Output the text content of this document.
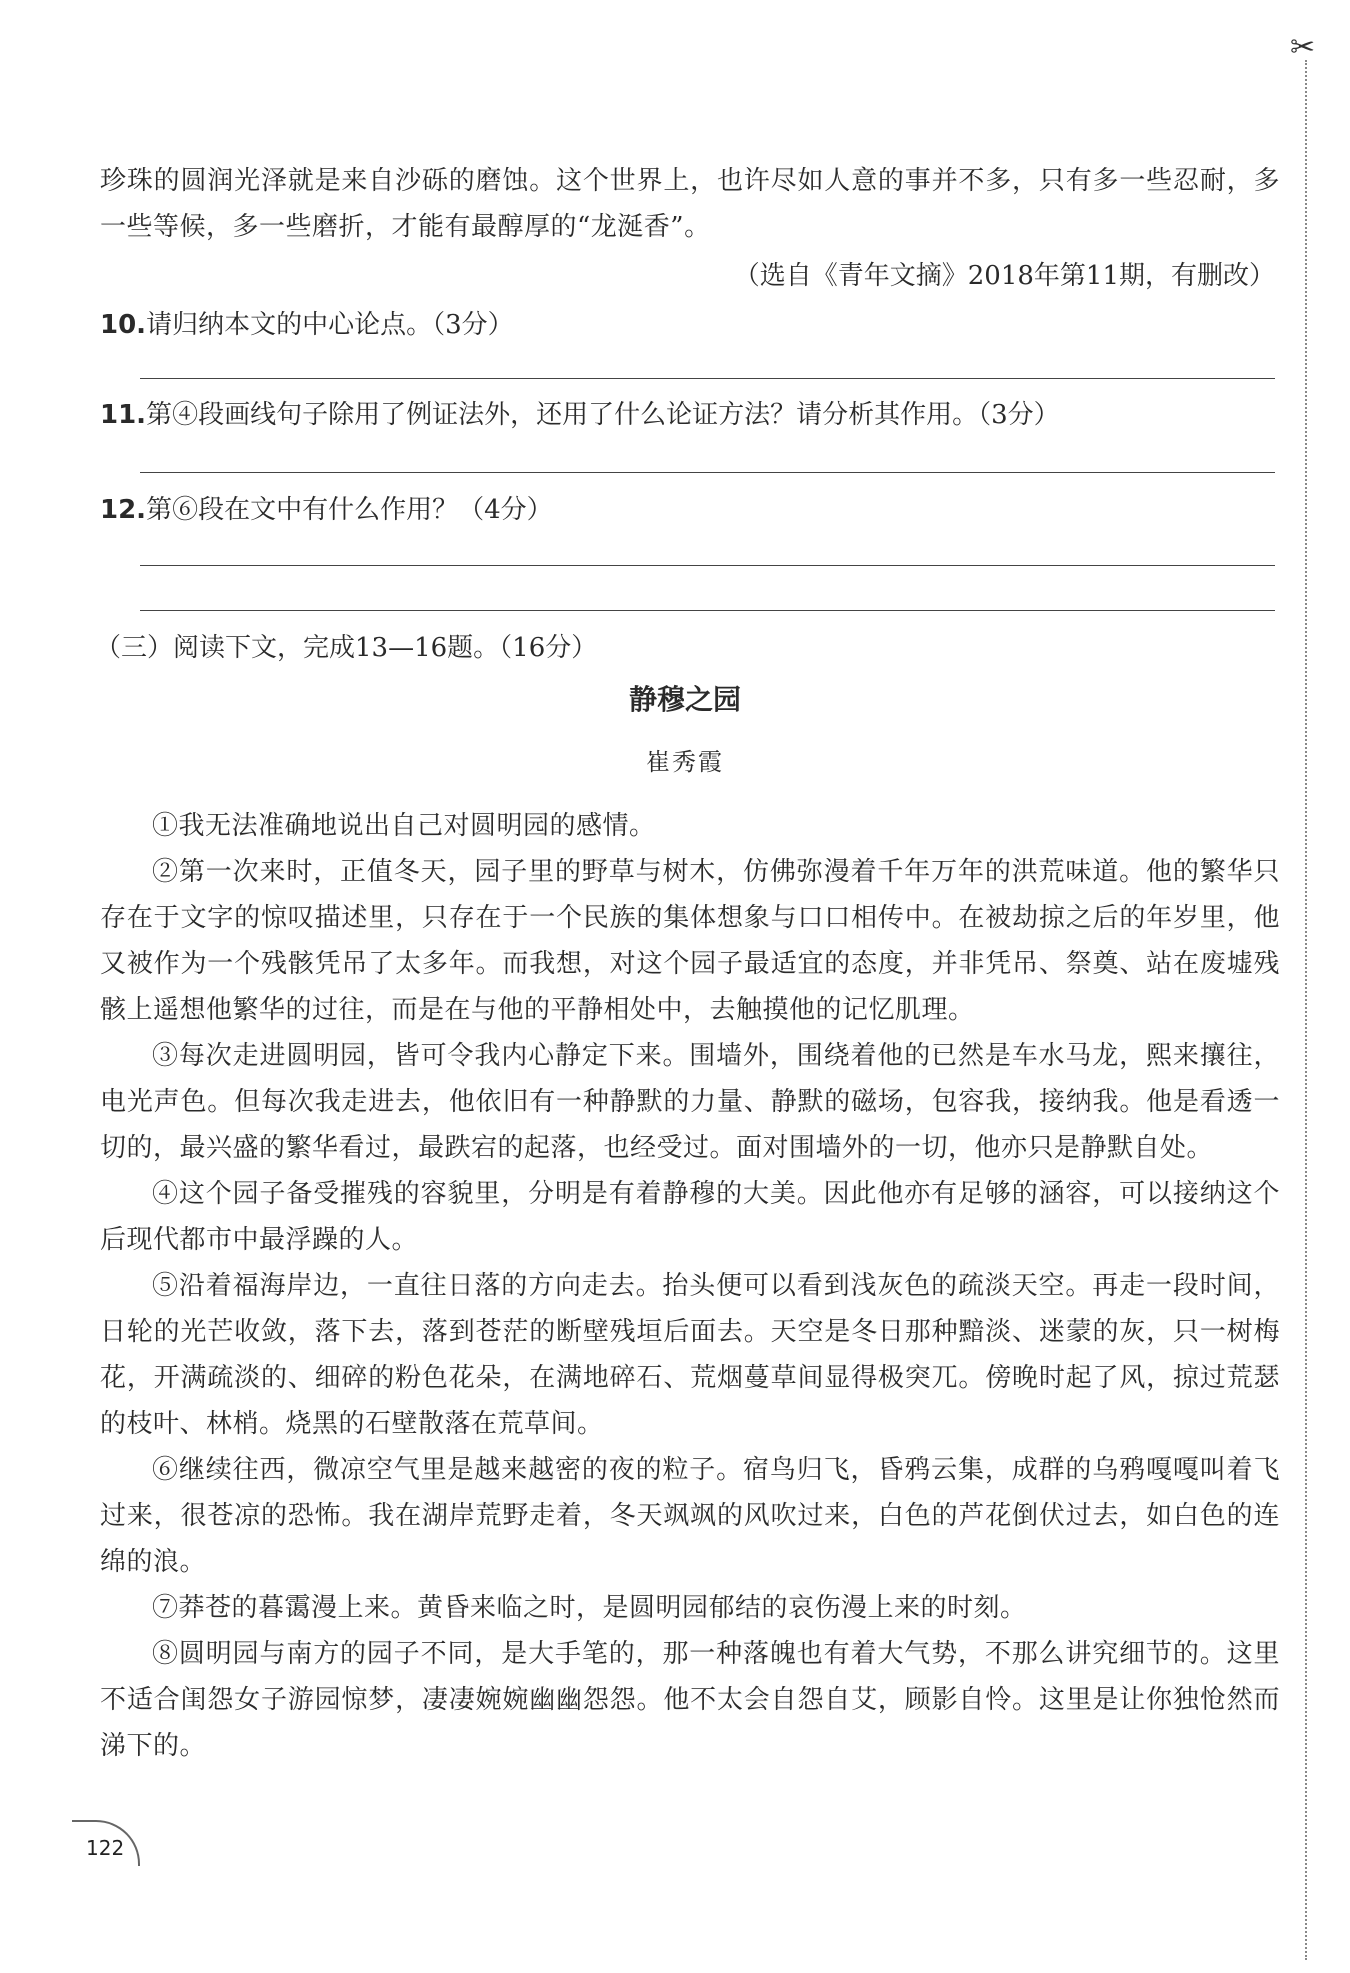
✂

珍珠的圆润光泽就是来自沙砾的磨蚀。这个世界上，也许尽如人意的事并不多，只有多一些忍耐，多一些等候，多一些磨折，才能有最醇厚的“龙涎香”。

（选自《青年文摘》2018年第11期，有删改）
10.请归纳本文的中心论点。（3分）
11.第④段画线句子除用了例证法外，还用了什么论证方法？请分析其作用。（3分）
12.第⑥段在文中有什么作用？（4分）
（三）阅读下文，完成13—16题。（16分）
静穆之园
崔秀霞

①我无法准确地说出自己对圆明园的感情。

②第一次来时，正值冬天，园子里的野草与树木，仿佛弥漫着千年万年的洪荒味道。他的繁华只存在于文字的惊叹描述里，只存在于一个民族的集体想象与口口相传中。在被劫掠之后的年岁里，他又被作为一个残骸凭吊了太多年。而我想，对这个园子最适宜的态度，并非凭吊、祭奠、站在废墟残骸上遥想他繁华的过往，而是在与他的平静相处中，去触摸他的记忆肌理。

③每次走进圆明园，皆可令我内心静定下来。围墙外，围绕着他的已然是车水马龙，熙来攘往，电光声色。但每次我走进去，他依旧有一种静默的力量、静默的磁场，包容我，接纳我。他是看透一切的，最兴盛的繁华看过，最跌宕的起落，也经受过。面对围墙外的一切，他亦只是静默自处。

④这个园子备受摧残的容貌里，分明是有着静穆的大美。因此他亦有足够的涵容，可以接纳这个后现代都市中最浮躁的人。

⑤沿着福海岸边，一直往日落的方向走去。抬头便可以看到浅灰色的疏淡天空。再走一段时间，日轮的光芒收敛，落下去，落到苍茫的断壁残垣后面去。天空是冬日那种黯淡、迷蒙的灰，只一树梅花，开满疏淡的、细碎的粉色花朵，在满地碎石、荒烟蔓草间显得极突兀。傍晚时起了风，掠过荒瑟的枝叶、林梢。烧黑的石壁散落在荒草间。

⑥继续往西，微凉空气里是越来越密的夜的粒子。宿鸟归飞，昏鸦云集，成群的乌鸦嘎嘎叫着飞过来，很苍凉的恐怖。我在湖岸荒野走着，冬天飒飒的风吹过来，白色的芦花倒伏过去，如白色的连绵的浪。

⑦莽苍的暮霭漫上来。黄昏来临之时，是圆明园郁结的哀伤漫上来的时刻。

⑧圆明园与南方的园子不同，是大手笔的，那一种落魄也有着大气势，不那么讲究细节的。这里不适合闺怨女子游园惊梦，凄凄婉婉幽幽怨怨。他不太会自怨自艾，顾影自怜。这里是让你独怆然而涕下的。

122
